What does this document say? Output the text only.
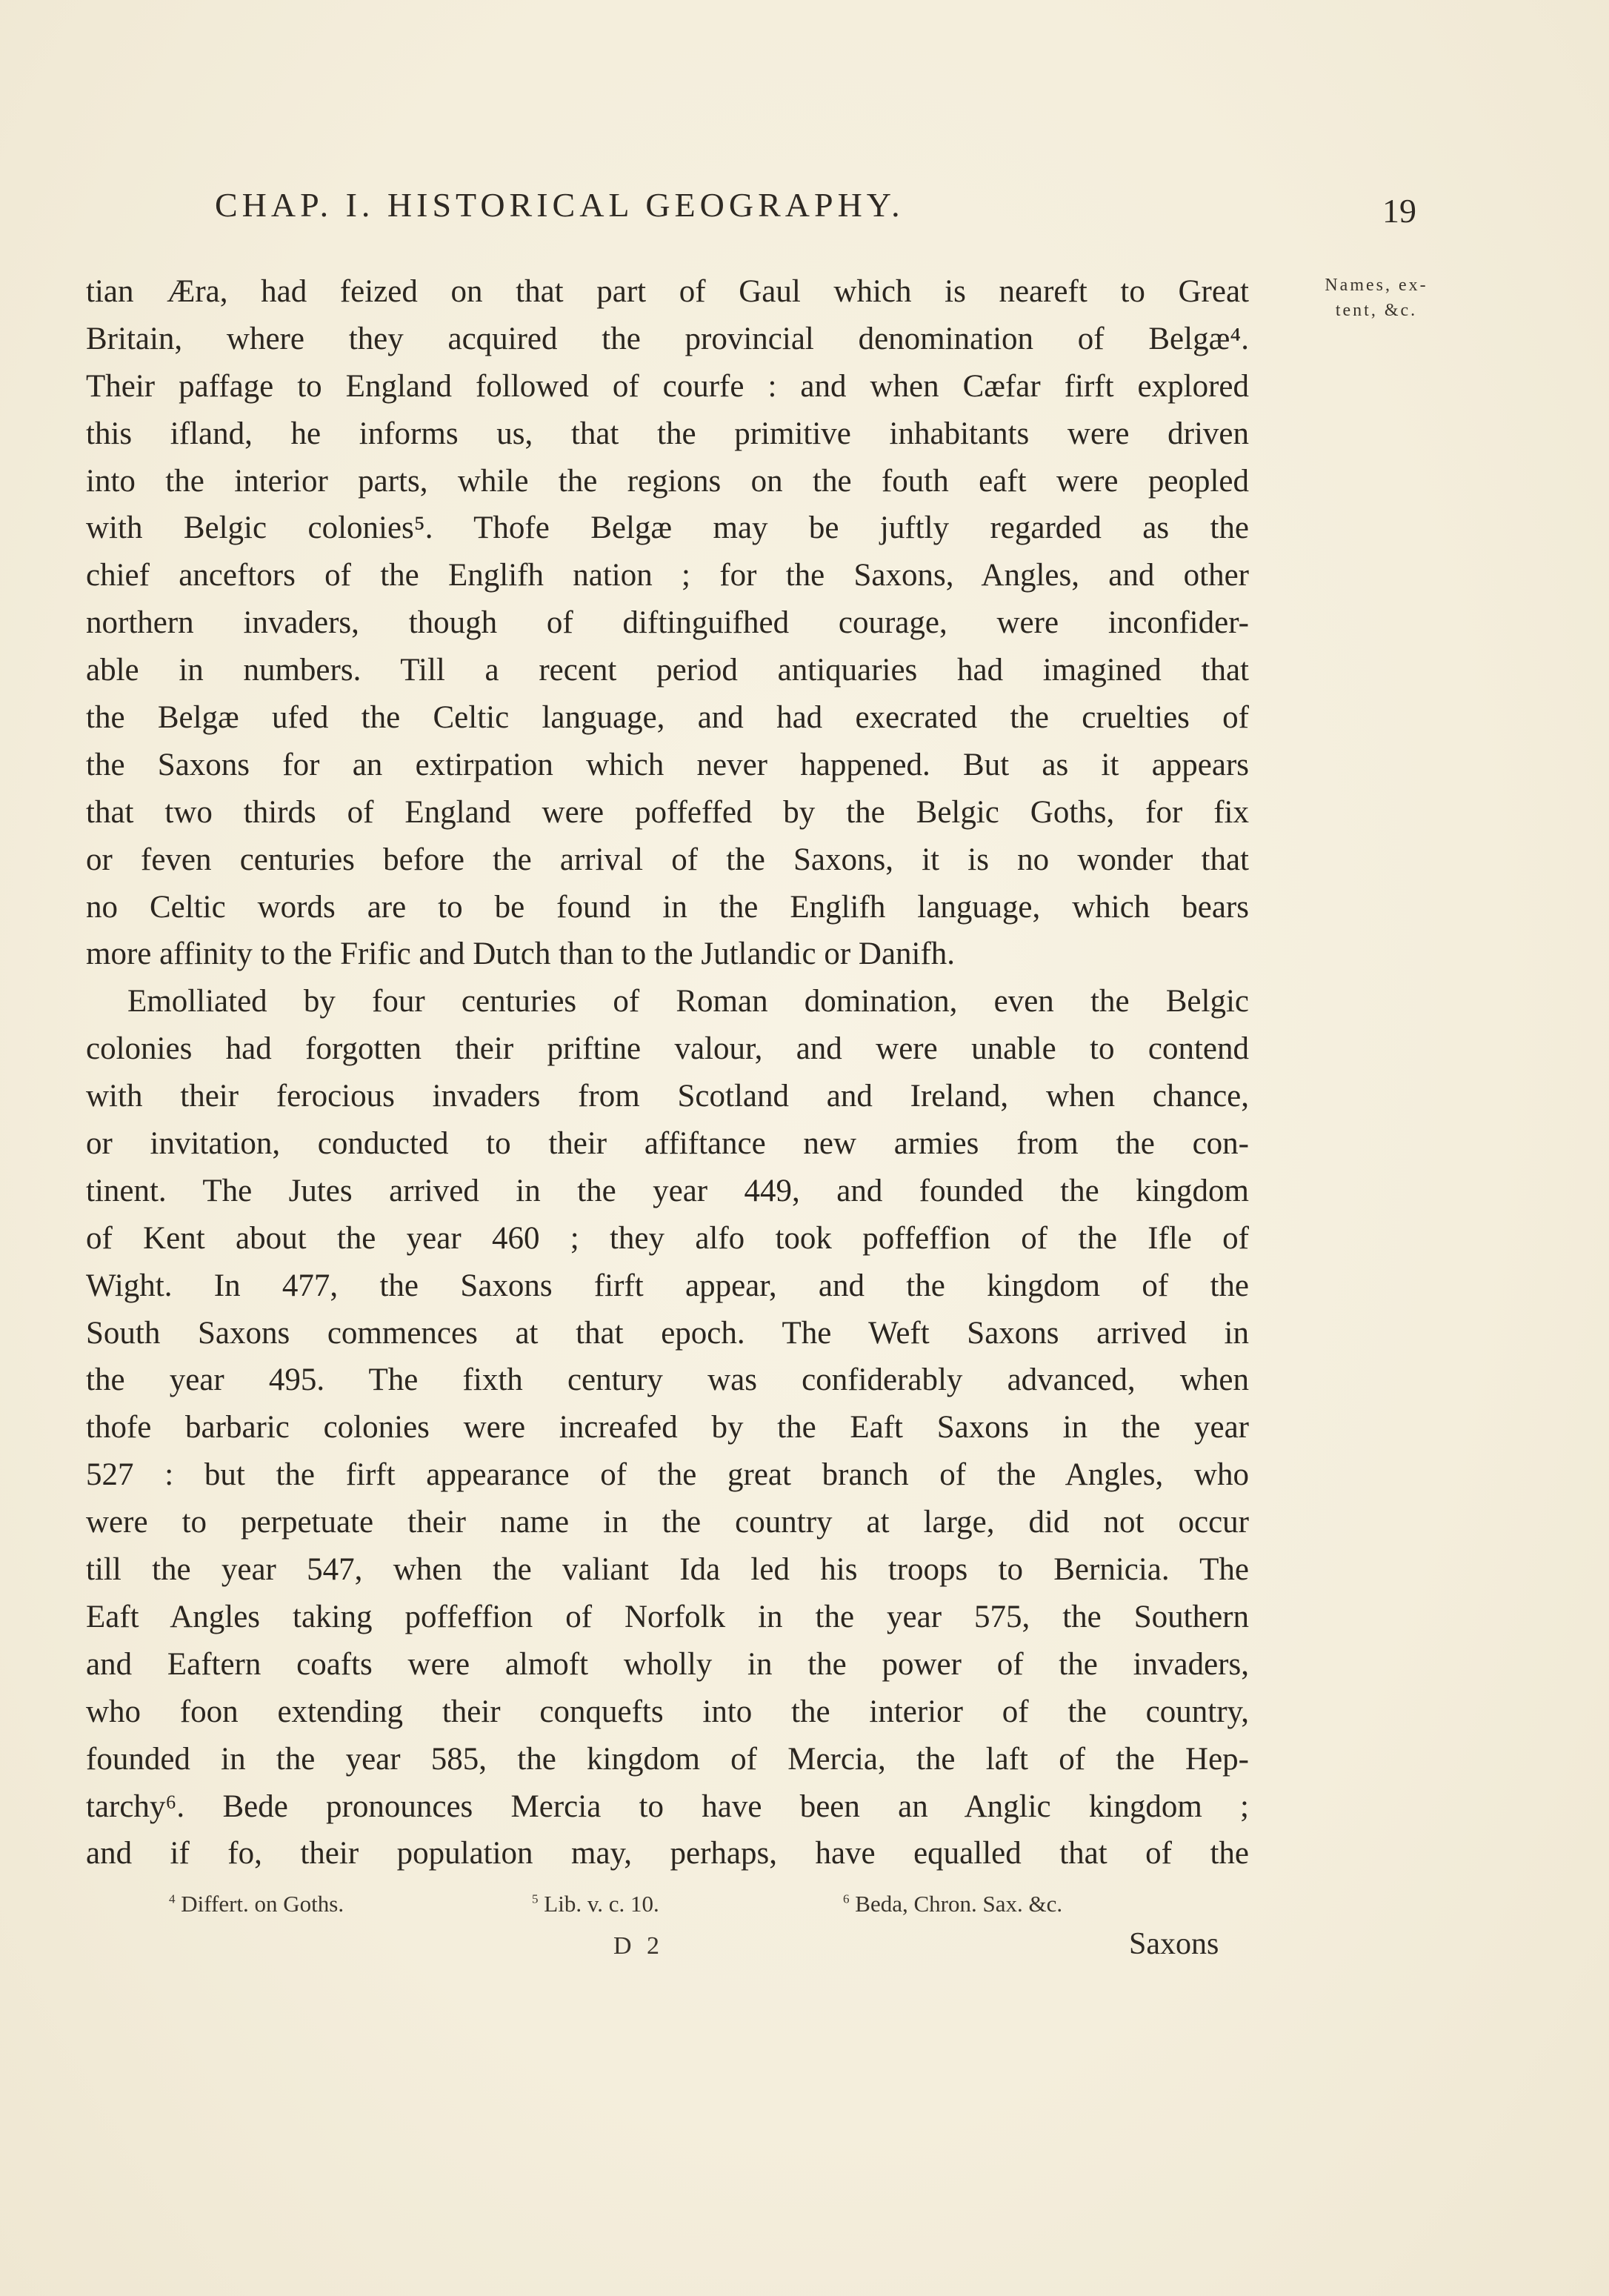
CHAP. I. HISTORICAL GEOGRAPHY.	19
Names, ex-
tent, &c.
tian Æra, had feized on that part of Gaul which is neareft to Great
Britain, where they acquired the provincial denomination of Belgæ⁴.
Their paffage to England followed of courfe : and when Cæfar firft explored
this ifland, he informs us, that the primitive inhabitants were driven
into the interior parts, while the regions on the fouth eaft were peopled
with Belgic colonies⁵. Thofe Belgæ may be juftly regarded as the
chief anceftors of the Englifh nation ; for the Saxons, Angles, and other
northern invaders, though of diftinguifhed courage, were inconfider-
able in numbers. Till a recent period antiquaries had imagined that
the Belgæ ufed the Celtic language, and had execrated the cruelties of
the Saxons for an extirpation which never happened. But as it appears
that two thirds of England were poffeffed by the Belgic Goths, for fix
or feven centuries before the arrival of the Saxons, it is no wonder that
no Celtic words are to be found in the Englifh language, which bears
more affinity to the Frific and Dutch than to the Jutlandic or Danifh.
Emolliated by four centuries of Roman domination, even the Belgic
colonies had forgotten their priftine valour, and were unable to contend
with their ferocious invaders from Scotland and Ireland, when chance,
or invitation, conducted to their affiftance new armies from the con-
tinent. The Jutes arrived in the year 449, and founded the kingdom
of Kent about the year 460 ; they alfo took poffeffion of the Ifle of
Wight. In 477, the Saxons firft appear, and the kingdom of the
South Saxons commences at that epoch. The Weft Saxons arrived in
the year 495. The fixth century was confiderably advanced, when
thofe barbaric colonies were increafed by the Eaft Saxons in the year
527 : but the firft appearance of the great branch of the Angles, who
were to perpetuate their name in the country at large, did not occur
till the year 547, when the valiant Ida led his troops to Bernicia. The
Eaft Angles taking poffeffion of Norfolk in the year 575, the Southern
and Eaftern coafts were almoft wholly in the power of the invaders,
who foon extending their conquefts into the interior of the country,
founded in the year 585, the kingdom of Mercia, the laft of the Hep-
tarchy⁶. Bede pronounces Mercia to have been an Anglic kingdom ;
and if fo, their population may, perhaps, have equalled that of the
$^4$ Differt. on Goths.	$^5$ Lib. v. c. 10.	$^6$ Beda, Chron. Sax. &c.
D 2	Saxons
